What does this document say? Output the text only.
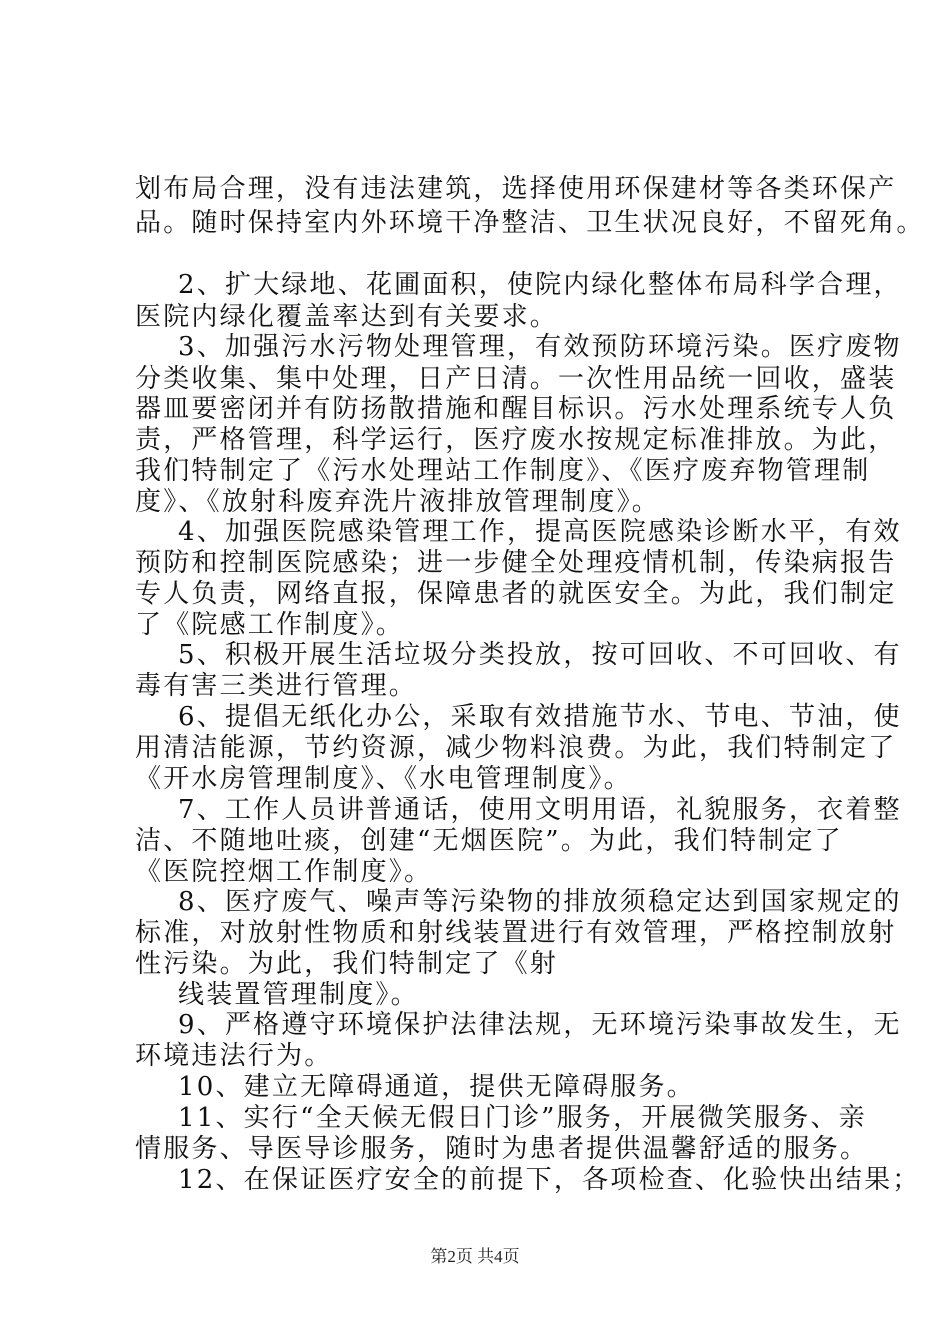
划布局合理，没有违法建筑，选择使用环保建材等各类环保产
品。随时保持室内外环境干净整洁、卫生状况良好，不留死角。
2、扩大绿地、花圃面积，使院内绿化整体布局科学合理，
医院内绿化覆盖率达到有关要求。
3、加强污水污物处理管理，有效预防环境污染。医疗废物
分类收集、集中处理，日产日清。一次性用品统一回收，盛装
器皿要密闭并有防扬散措施和醒目标识。污水处理系统专人负
责，严格管理，科学运行，医疗废水按规定标准排放。为此，
我们特制定了《污水处理站工作制度》、《医疗废弃物管理制
度》、《放射科废弃洗片液排放管理制度》。
4、加强医院感染管理工作，提高医院感染诊断水平，有效
预防和控制医院感染；进一步健全处理疫情机制，传染病报告
专人负责，网络直报，保障患者的就医安全。为此，我们制定
了《院感工作制度》。
5、积极开展生活垃圾分类投放，按可回收、不可回收、有
毒有害三类进行管理。
6、提倡无纸化办公，采取有效措施节水、节电、节油，使
用清洁能源，节约资源，减少物料浪费。为此，我们特制定了
《开水房管理制度》、《水电管理制度》。
7、工作人员讲普通话，使用文明用语，礼貌服务，衣着整
洁、不随地吐痰，创建“无烟医院”。为此，我们特制定了
《医院控烟工作制度》。
8、医疗废气、噪声等污染物的排放须稳定达到国家规定的
标准，对放射性物质和射线装置进行有效管理，严格控制放射
性污染。为此，我们特制定了《射
线装置管理制度》。
9、严格遵守环境保护法律法规，无环境污染事故发生，无
环境违法行为。
10、建立无障碍通道，提供无障碍服务。
11、实行“全天候无假日门诊”服务，开展微笑服务、亲
情服务、导医导诊服务，随时为患者提供温馨舒适的服务。
12、在保证医疗安全的前提下，各项检查、化验快出结果；
第2页 共4页
